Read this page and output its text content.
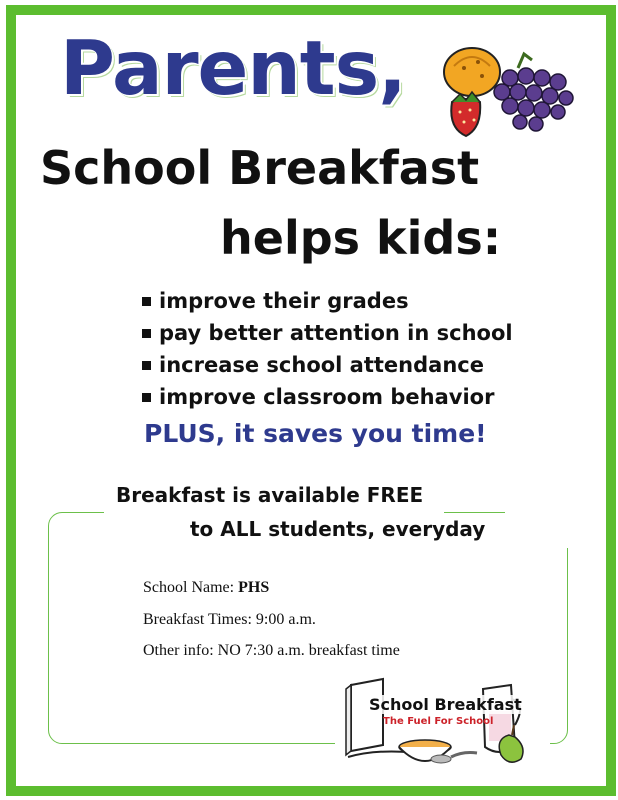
Parents,
School Breakfast
helps kids:
improve their grades
pay better attention in school
increase school attendance
improve classroom behavior

PLUS, it saves you time!

Breakfast is available FREE

to ALL students, everyday

School Name: PHS

Breakfast Times: 9:00 a.m.

Other info: NO 7:30 a.m. breakfast time

School Breakfast
The Fuel For School
